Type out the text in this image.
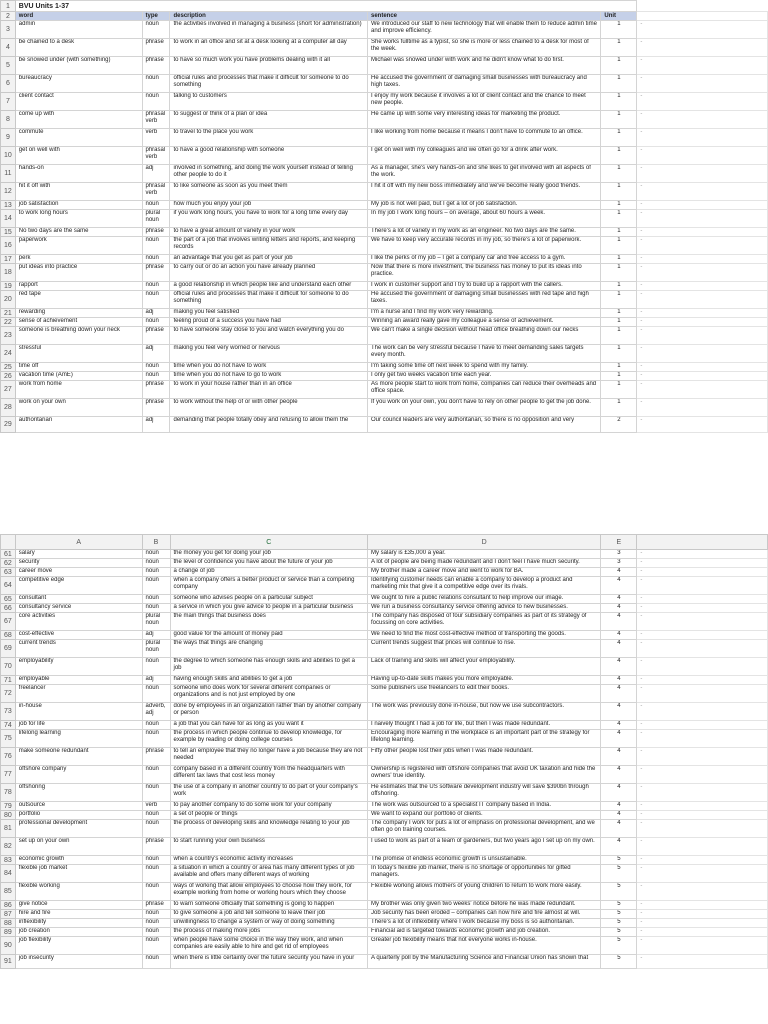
1	BVU Units 1-37					
2	word	type	description	sentence	Unit	
3	admin	noun	the activities involved in managing a business (short for administration)	We introduced our staff to new technology that will enable them to reduce admin time and improve efficiency.	1	-
4	be chained to a desk	phrase	to work in an office and sit at a desk looking at a computer all day	She works fulltime as a typist, so she is more or less chained to a desk for most of the week.	1	-
5	be snowed under (with something)	phrase	to have so much work you have problems dealing with it all	Michael was snowed under with work and he didn't know what to do first.	1	-
6	bureaucracy	noun	official rules and processes that make it difficult for someone to do something	He accused the government of damaging small businesses with bureaucracy and high taxes.	1	-
7	client contact	noun	talking to customers	I enjoy my work because it involves a lot of client contact and the chance to meet new people.	1	-
8	come up with	phrasal verb	to suggest or think of a plan or idea	He came up with some very interesting ideas for marketing the product.	1	-
9	commute	verb	to travel to the place you work	I like working from home because it means I don't have to commute to an office.	1	-
10	get on well with	phrasal verb	to have a good relationship with someone	I get on well with my colleagues and we often go for a drink after work.	1	-
11	hands-on	adj	involved in something, and doing the work yourself instead of telling other people to do it	As a manager, she's very hands-on and she likes to get involved with all aspects of the work.	1	-
12	hit it off with	phrasal verb	to like someone as soon as you meet them	I hit it off with my new boss immediately and we've become really good friends.	1	-
13	job satisfaction	noun	how much you enjoy your job	My job is not well paid, but I get a lot of job satisfaction.	1	-
14	to work long hours	plural noun	if you work long hours, you have to work for a long time every day	In my job I work long hours – on average, about 60 hours a week.	1	-
15	No two days are the same	phrase	to have a great amount of variety in your work	There's a lot of variety in my work as an engineer. No two days are the same.	1	-
16	paperwork	noun	the part of a job that involves writing letters and reports, and keeping records	We have to keep very accurate records in my job, so there's a lot of paperwork.	1	-
17	perk	noun	an advantage that you get as part of your job	I like the perks of my job – I get a company car and free access to a gym.	1	-
18	put ideas into practice	phrase	to carry out or do an action you have already planned	Now that there is more investment, the business has money to put its ideas into practice.	1	-
19	rapport	noun	a good relationship in which people like and understand each other	I work in customer support and I try to build up a rapport with the callers.	1	-
20	red tape	noun	official rules and processes that make it difficult for someone to do something	He accused the government of damaging small businesses with red tape and high taxes.	1	-
21	rewarding	adj	making you feel satisfied	I'm a nurse and I find my work very rewarding.	1	-
22	sense of achievement	noun	feeling proud of a success you have had	Winning an award really gave my colleague a sense of achievement.	1	-
23	someone is breathing down your neck	phrase	to have someone stay close to you and watch everything you do	We can't make a single decision without head office breathing down our necks	1	-
24	stressful	adj	making you feel very worried or nervous	The work can be very stressful because I have to meet demanding sales targets every month.	1	-
25	time off	noun	time when you do not have to work	I'm taking some time off next week to spend with my family.	1	-
26	vacation time (AmE)	noun	time when you do not have to go to work	I only get two weeks vacation time each year.	1	-
27	work from home	phrase	to work in your house rather than in an office	As more people start to work from home, companies can reduce their overheads and office space.	1	-
28	work on your own	phrase	to work without the help of or with other people	If you work on your own, you don't have to rely on other people to get the job done.	1	-
29	authoritarian	adj	demanding that people totally obey and refusing to allow them the	Our council leaders are very authoritarian, so there is no opposition and very	2	-
	A	B	C	D	E	
61	salary	noun	the money you get for doing your job	My salary is £35,000 a year.	3	-
62	security	noun	the level of confidence you have about the future of your job	A lot of people are being made redundant and I don't feel I have much security.	3	-
63	career move	noun	a change of job	My brother made a career move and went to work for BA.	4	-
64	competitive edge	noun	when a company offers a better product or service than a competing company	Identifying customer needs can enable a company to develop a product and marketing mix that give it a competitive edge over its rivals.	4	-
65	consultant	noun	someone who advises people on a particular subject	We ought to hire a public relations consultant to help improve our image.	4	-
66	consultancy service	noun	a service in which you give advice to people in a particular business	We run a business consultancy service offering advice to new businesses.	4	-
67	core activities	plural noun	the main things that business does	The company has disposed of four subsidiary companies as part of its strategy of focussing on core activities.	4	-
68	cost-effective	adj	good value for the amount of money paid	We need to find the most cost-effective method of transporting the goods.	4	-
69	current trends	plural noun	the ways that things are changing	Current trends suggest that prices will continue to rise.	4	-
70	employability	noun	the degree to which someone has enough skills and abilities to get a job	Lack of training and skills will affect your employability.	4	-
71	employable	adj	having enough skills and abilities to get a job	Having up-to-date skills makes you more employable.	4	-
72	freelancer	noun	someone who does work for several different companies or organizations and is not just employed by one	Some publishers use freelancers to edit their books.	4	-
73	in-house	adverb, adj	done by employees in an organization rather than by another company or person	The work was previously done in-house, but now we use subcontractors.	4	-
74	job for life	noun	a job that you can have for as long as you want it	I naively thought I had a job for life, but then I was made redundant.	4	-
75	lifelong learning	noun	the process in which people continue to develop knowledge, for example by reading or doing college courses	Encouraging more learning in the workplace is an important part of the strategy for lifelong learning.	4	-
76	make someone redundant	phrase	to tell an employee that they no longer have a job because they are not needed	Fifty other people lost their jobs when I was made redundant.	4	-
77	offshore company	noun	company based in a different country from the headquarters with different tax laws that cost less money	Ownership is registered with offshore companies that avoid UK taxation and hide the owners' true identity.	4	-
78	offshoring	noun	the use of a company in another country to do part of your company's work	He estimates that the US software development industry will save $390bn through offshoring.	4	-
79	outsource	verb	to pay another company to do some work for your company	The work was outsourced to a specialist IT company based in India.	4	-
80	portfolio	noun	a set of people or things	We want to expand our portfolio of clients.	4	-
81	professional development	noun	the process of developing skills and knowledge relating to your job	The company I work for puts a lot of emphasis on professional development, and we often go on training courses.	4	-
82	set up on your own	phrase	to start running your own business	I used to work as part of a team of gardeners, but two years ago I set up on my own.	4	-
83	economic growth	noun	when a country's economic activity increases	The promise of endless economic growth is unsustainable.	5	-
84	flexible job market	noun	a situation in which a country or area has many different types of job available and offers many different ways of working	In today's flexible job market, there is no shortage of opportunities for gifted managers.	5	-
85	flexible working	noun	ways of working that allow employees to choose how they work, for example working from home or working hours which they choose	Flexible working allows mothers of young children to return to work more easily.	5	-
86	give notice	phrase	to warn someone officially that something is going to happen	My brother was only given two weeks' notice before he was made redundant.	5	-
87	hire and fire	noun	to give someone a job and tell someone to leave their job	Job security has been eroded – companies can now hire and fire almost at will.	5	-
88	inflexibility	noun	unwillingness to change a system or way of doing something	There's a lot of inflexibility where I work because my boss is so authoritarian.	5	-
89	job creation	noun	the process of making more jobs	Financial aid is targeted towards economic growth and job creation.	5	-
90	job flexibility	noun	when people have some choice in the way they work, and when companies are easily able to hire and get rid of employees	Greater job flexibility means that not everyone works in-house.	5	-
91	job insecurity	noun	when there is little certainty over the future security you have in your	A quarterly poll by the Manufacturing Science and Financial Union has shown that	5	-
